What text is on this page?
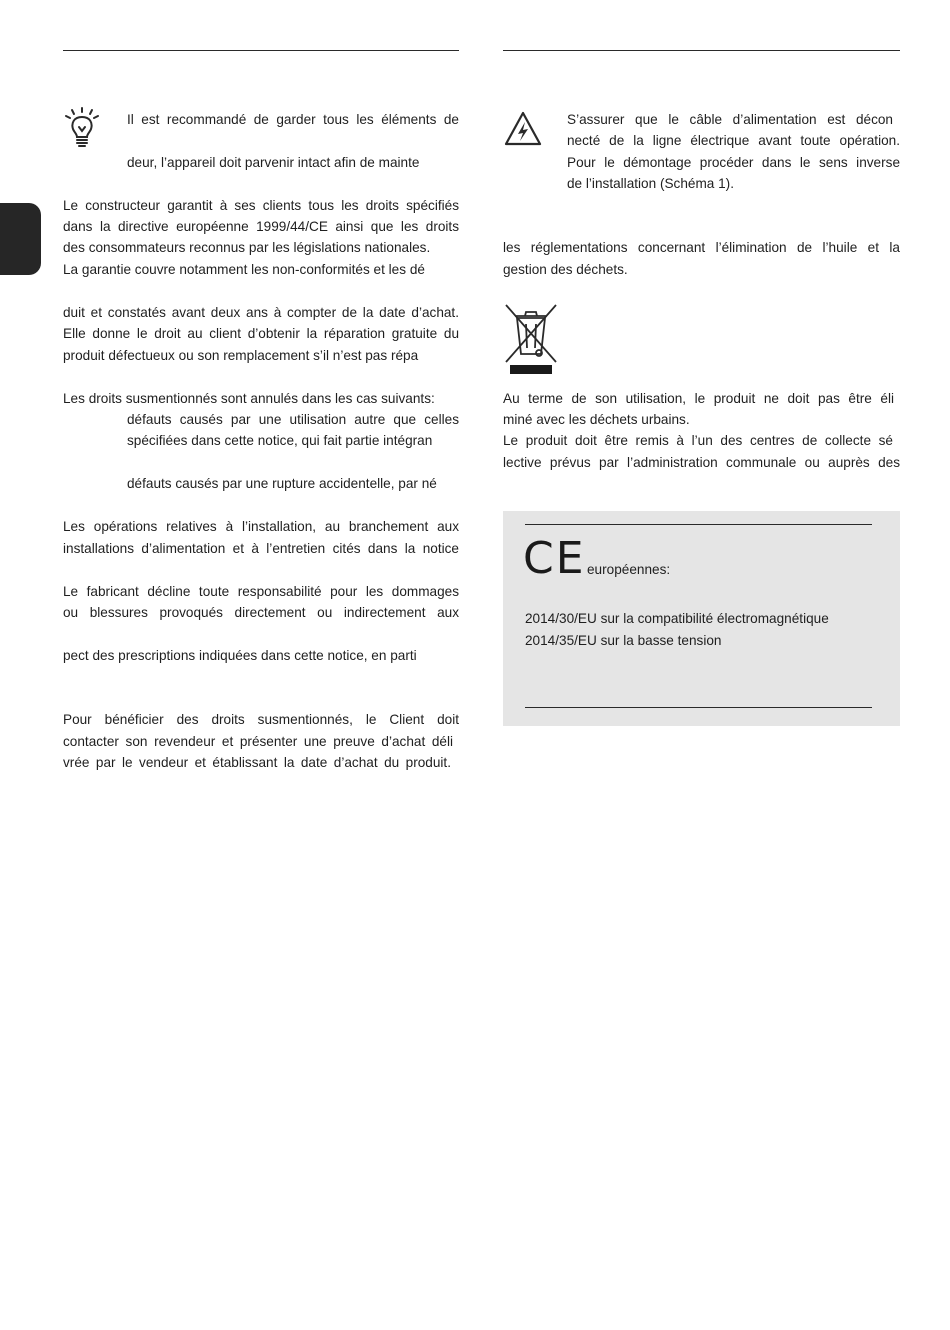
Il est recommandé de garder tous les éléments de
deur, l’appareil doit parvenir intact afin de mainte
Le constructeur garantit à ses clients tous les droits spécifiés
dans la directive européenne 1999/44/CE ainsi que les droits
des consommateurs reconnus par les législations nationales.
La garantie couvre notamment les non-conformités et les dé
duit et constatés avant deux ans à compter de la date d’achat.
Elle donne le droit au client d’obtenir la réparation gratuite du
produit défectueux ou son remplacement s’il n’est pas répa
Les droits susmentionnés sont annulés dans les cas suivants:
défauts causés par une utilisation autre que celles
spécifiées dans cette notice, qui fait partie intégran
défauts causés par une rupture accidentelle, par né
Les opérations relatives à l’installation, au branchement aux
installations d’alimentation et à l’entretien cités dans la notice
Le fabricant décline toute responsabilité pour les dommages
ou blessures provoqués directement ou indirectement aux
pect des prescriptions indiquées dans cette notice, en parti
Pour bénéficier des droits susmentionnés, le Client doit
contacter son revendeur et présenter une preuve d’achat déli
vrée par le vendeur et établissant la date d’achat du produit.
S’assurer que le câble d’alimentation est décon
necté de la ligne électrique avant toute opération.
Pour le démontage procéder dans le sens inverse
de l’installation (Schéma 1).
les réglementations concernant l’élimination de l’huile et la
gestion des déchets.
Au terme de son utilisation, le produit ne doit pas être éli
miné avec les déchets urbains.
Le produit doit être remis à l’un des centres de collecte sé
lective prévus par l’administration communale ou auprès des
CE européennes:
2014/30/EU sur la compatibilité électromagnétique
2014/35/EU sur la basse tension
